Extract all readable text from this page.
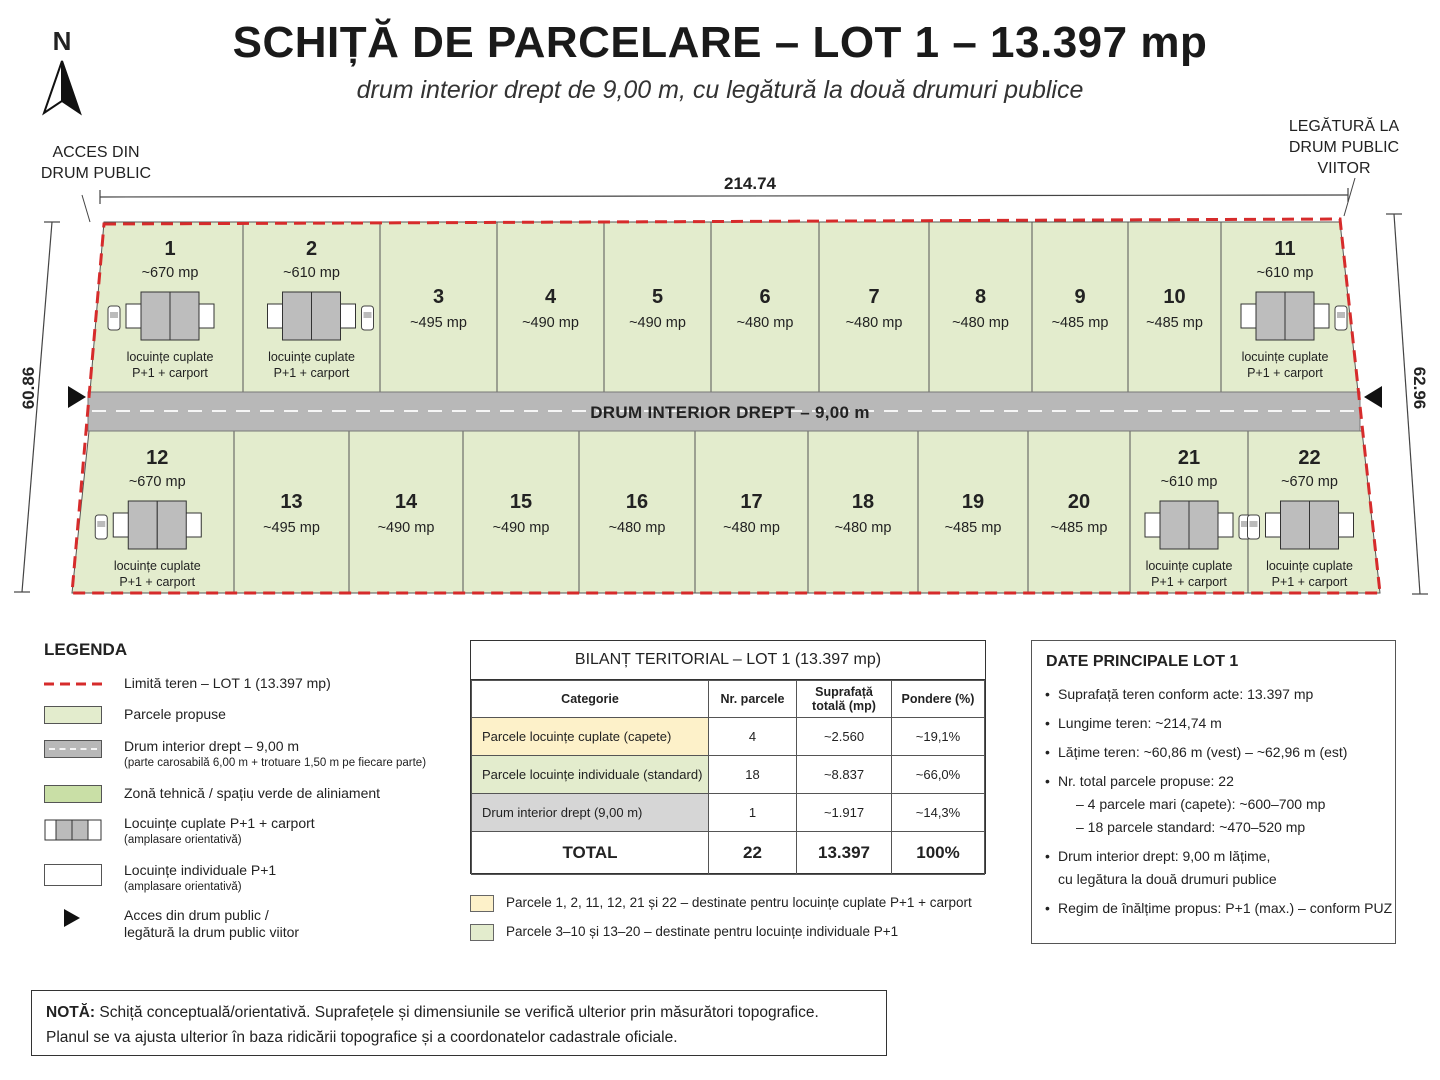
SCHIȚĂ DE PARCELARE – LOT 1 – 13.397 mp
drum interior drept de 9,00 m, cu legătură la două drumuri publice
N
ACCES DIN
DRUM PUBLIC
LEGĂTURĂ LA
DRUM PUBLIC
VIITOR
1
~670 mp
locuințe cuplate
P+1 + carport
2
~610 mp
locuințe cuplate
P+1 + carport
3
~495 mp
4
~490 mp
5
~490 mp
6
~480 mp
7
~480 mp
8
~480 mp
9
~485 mp
10
~485 mp
11
~610 mp
locuințe cuplate
P+1 + carport
12
~670 mp
locuințe cuplate
P+1 + carport
13
~495 mp
14
~490 mp
15
~490 mp
16
~480 mp
17
~480 mp
18
~480 mp
19
~485 mp
20
~485 mp
21
~610 mp
locuințe cuplate
P+1 + carport
22
~670 mp
locuințe cuplate
P+1 + carport
214.74
60.86	62.96
DRUM INTERIOR DREPT – 9,00 m
LEGENDA
Limită teren – LOT 1 (13.397 mp)
Parcele propuse
Drum interior drept – 9,00 m
(parte carosabilă 6,00 m + trotuare 1,50 m pe fiecare parte)
Zonă tehnică / spațiu verde de aliniament
Locuințe cuplate P+1 + carport
(amplasare orientativă)
Locuințe individuale P+1
(amplasare orientativă)
Acces din drum public /
legătură la drum public viitor
BILANȚ TERITORIAL – LOT 1 (13.397 mp)
Categorie	Nr. parcele	Suprafață totală (mp)	Pondere (%)
Parcele locuințe cuplate (capete)	4	~2.560	~19,1%
Parcele locuințe individuale (standard)	18	~8.837	~66,0%
Drum interior drept (9,00 m)	1	~1.917	~14,3%
TOTAL	22	13.397	100%
Parcele 1, 2, 11, 12, 21 și 22 – destinate pentru locuințe cuplate P+1 + carport
Parcele 3–10 și 13–20 – destinate pentru locuințe individuale P+1
DATE PRINCIPALE LOT 1
• Suprafață teren conform acte: 13.397 mp
• Lungime teren: ~214,74 m
• Lățime teren: ~60,86 m (vest) – ~62,96 m (est)
• Nr. total parcele propuse: 22
– 4 parcele mari (capete): ~600–700 mp
– 18 parcele standard: ~470–520 mp
• Drum interior drept: 9,00 m lățime,
cu legătura la două drumuri publice
• Regim de înălțime propus: P+1 (max.) – conform PUZ
NOTĂ: Schiță conceptuală/orientativă. Suprafețele și dimensiunile se verifică ulterior prin măsurători topografice.
Planul se va ajusta ulterior în baza ridicării topografice și a coordonatelor cadastrale oficiale.
